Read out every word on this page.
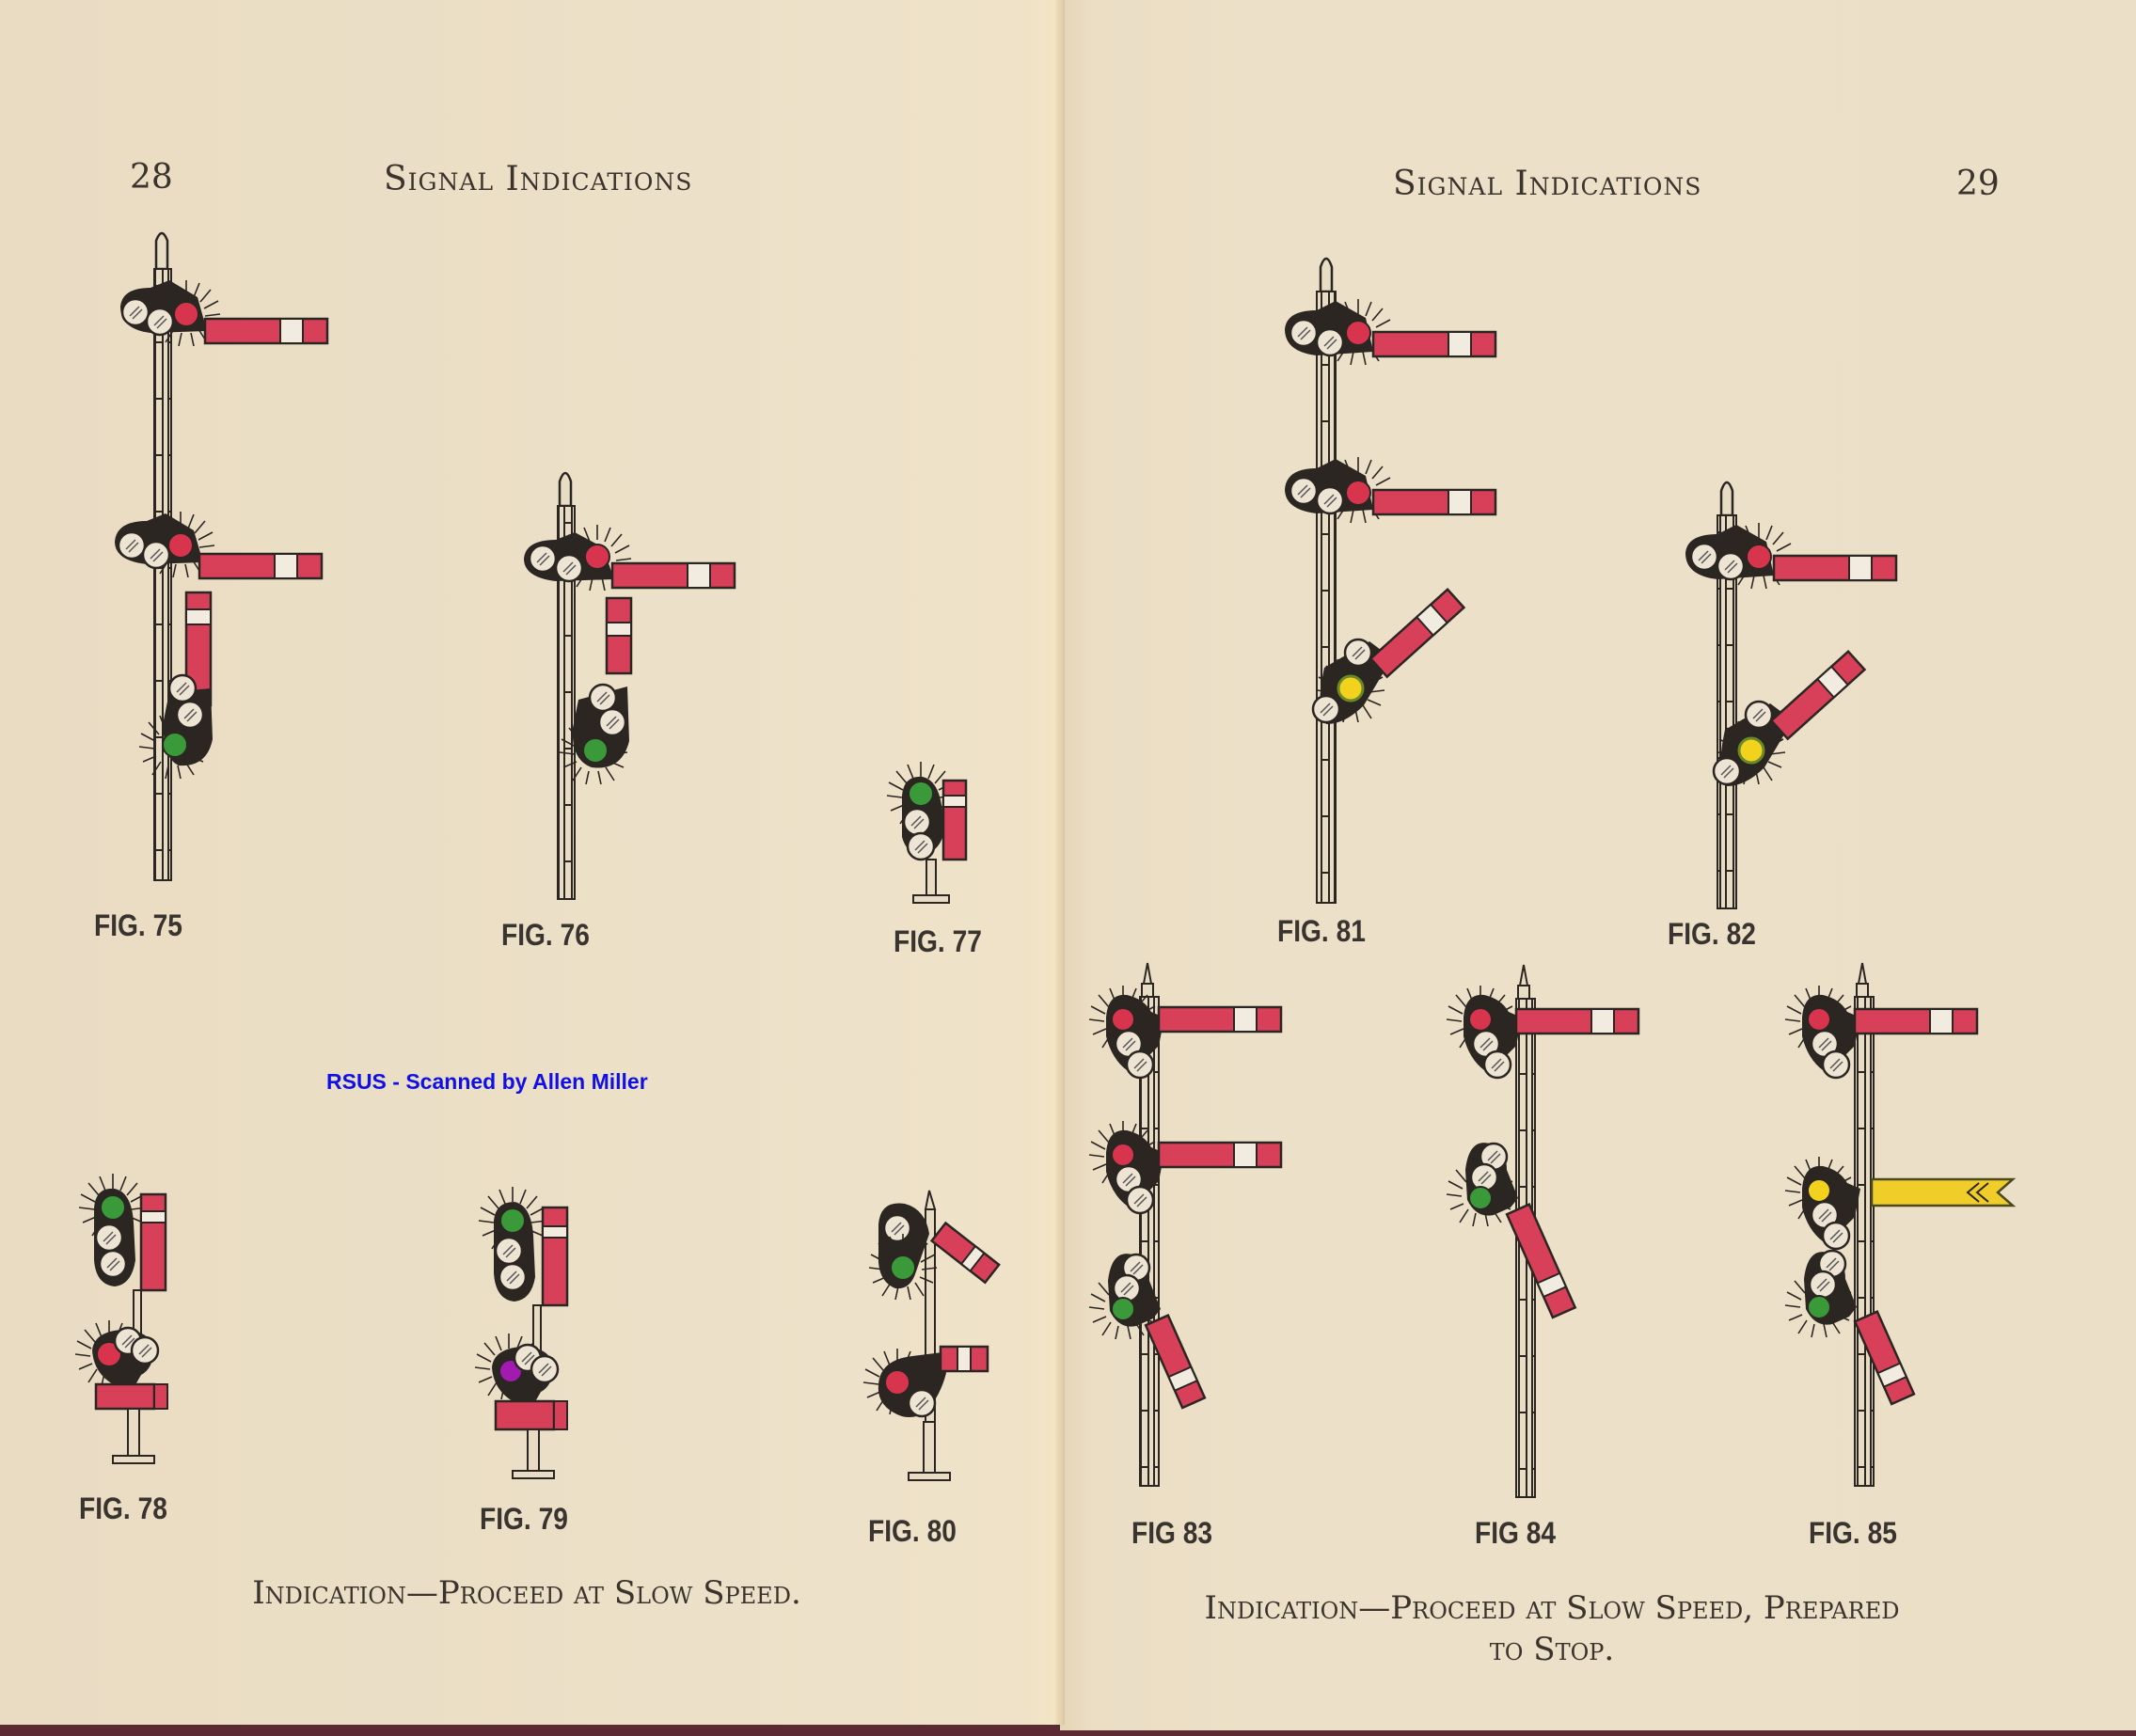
28	Signal Indications	Signal Indications	29
FIG. 75	FIG. 76	FIG. 77
FIG. 78	FIG. 79	FIG. 80
RSUS - Scanned by Allen Miller
Indication—Proceed at Slow Speed.
FIG. 81	FIG. 82
FIG 83	FIG 84	FIG. 85
Indication—Proceed at Slow Speed, Prepared
to Stop.
